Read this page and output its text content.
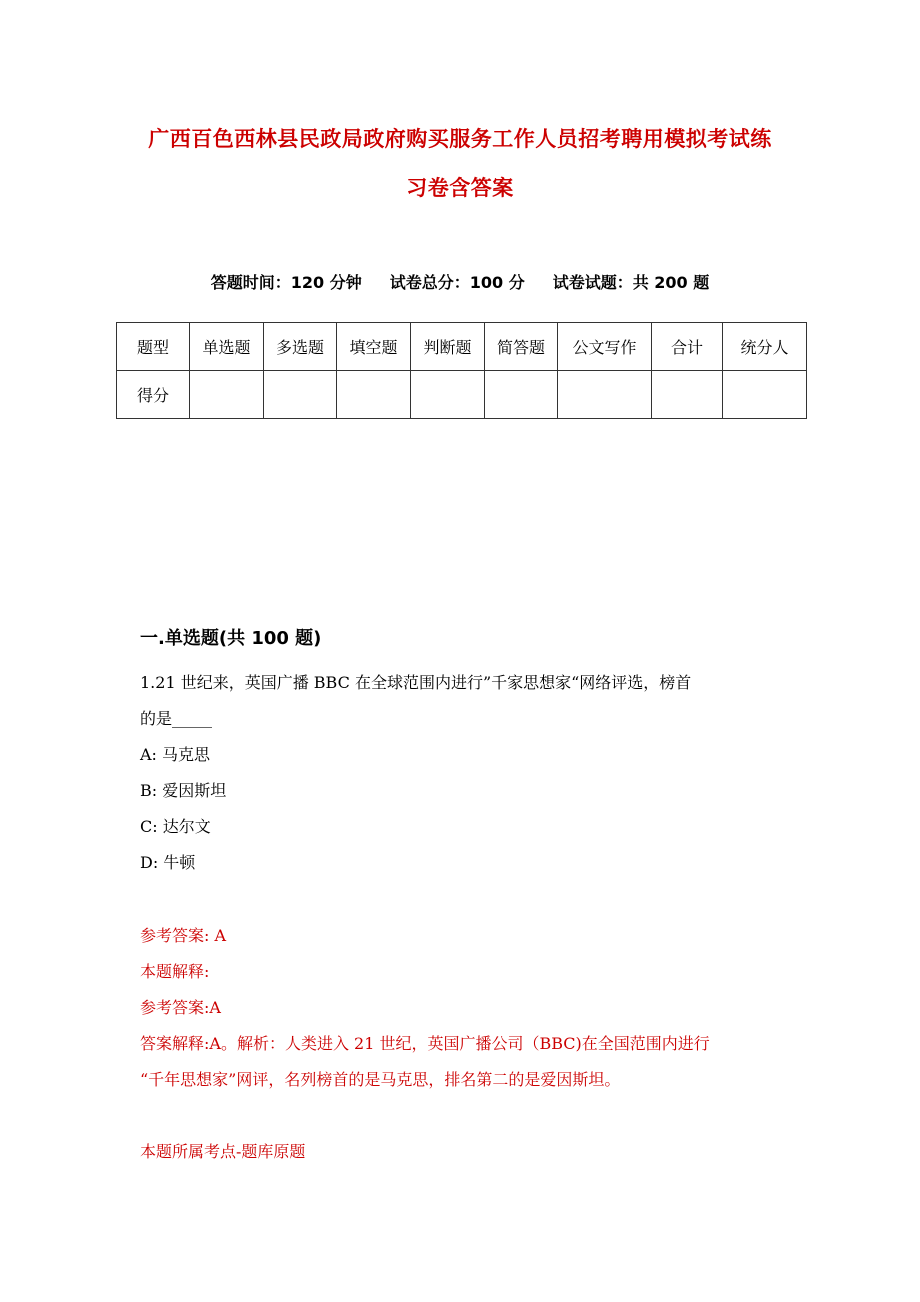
广西百色西林县民政局政府购买服务工作人员招考聘用模拟考试练
习卷含答案
答题时间：120 分钟 试卷总分：100 分 试卷试题：共 200 题
题型	单选题	多选题	填空题	判断题	简答题	公文写作	合计	统分人
得分								
一.单选题(共 100 题)
1.21 世纪来，英国广播 BBC 在全球范围内进行”千家思想家“网络评选，榜首
的是_____
A: 马克思
B: 爱因斯坦
C: 达尔文
D: 牛顿
参考答案: A
本题解释:
参考答案:A
答案解释:A。解析：人类进入 21 世纪，英国广播公司（BBC)在全国范围内进行
“千年思想家”网评，名列榜首的是马克思，排名第二的是爱因斯坦。
本题所属考点-题库原题
